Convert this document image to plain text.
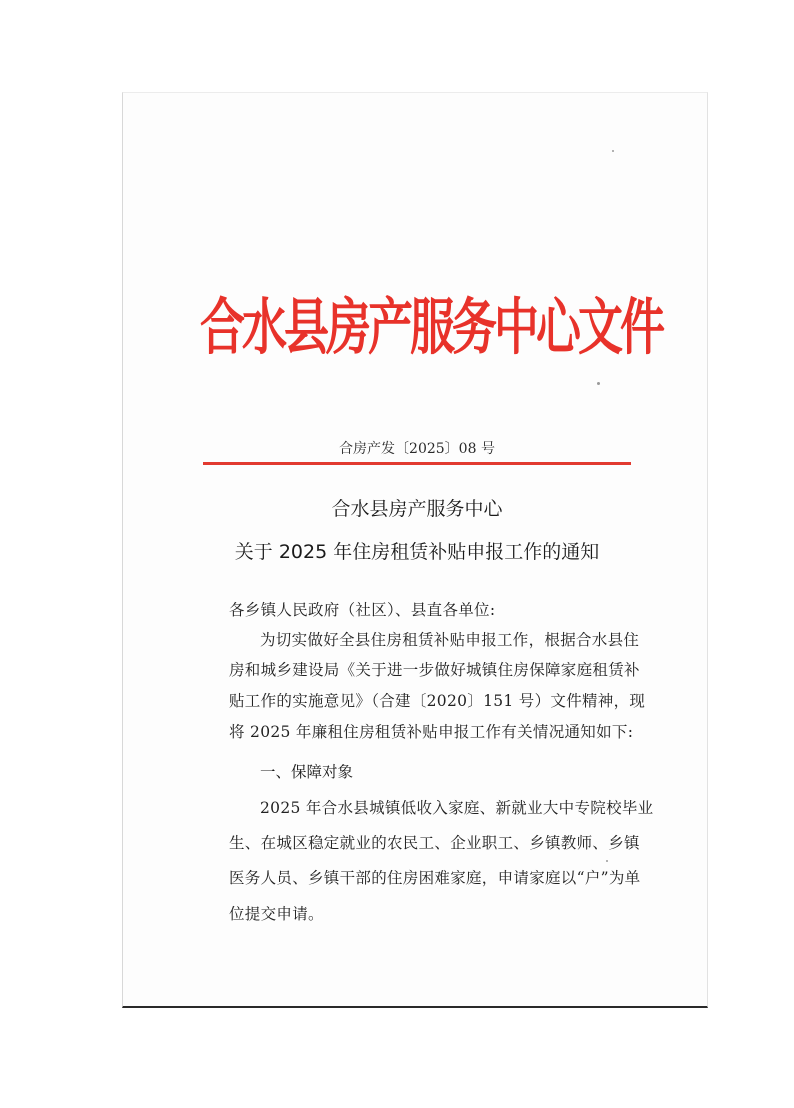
合水县房产服务中心文件
合房产发〔2025〕08 号
合水县房产服务中心
关于 2025 年住房租赁补贴申报工作的通知
各乡镇人民政府（社区）、县直各单位:
为切实做好全县住房租赁补贴申报工作，根据合水县住
房和城乡建设局《关于进一步做好城镇住房保障家庭租赁补
贴工作的实施意见》（合建〔2020〕151 号）文件精神，现
将 2025 年廉租住房租赁补贴申报工作有关情况通知如下:
一、保障对象
2025 年合水县城镇低收入家庭、新就业大中专院校毕业
生、在城区稳定就业的农民工、企业职工、乡镇教师、乡镇
医务人员、乡镇干部的住房困难家庭，申请家庭以“户”为单
位提交申请。
